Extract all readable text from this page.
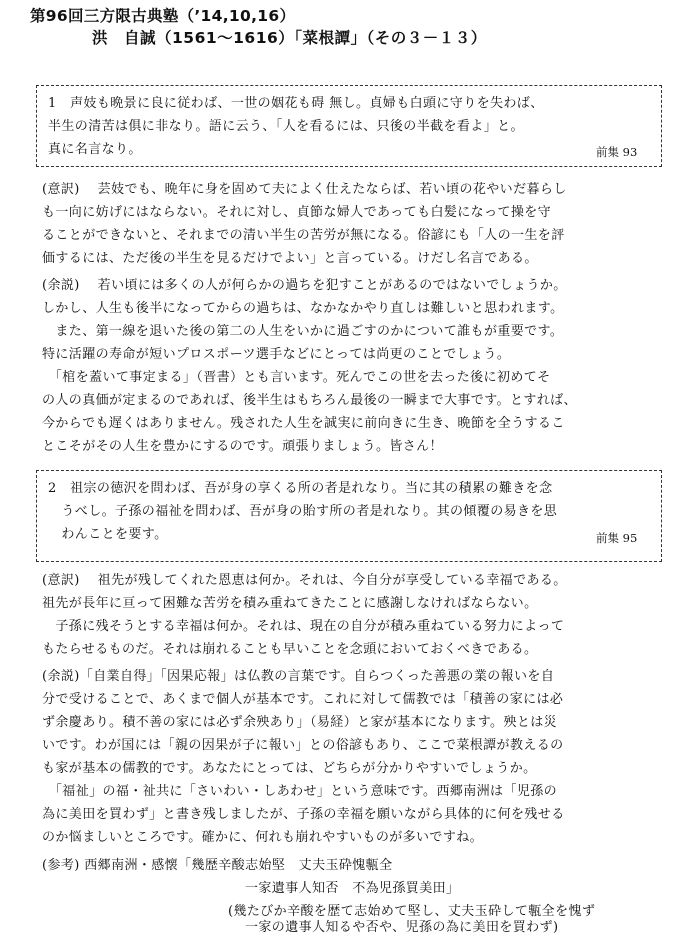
第96回三方限古典塾（’14,10,16）
洪　自誠（1561～1616）「菜根譚」（その３－１３）
1　声妓も晩景に良に従わば、一世の姻花も碍 無し。貞婦も白頭に守りを失わば、
半生の清苦は俱に非なり。語に云う、「人を看るには、只後の半截を看よ」と。
真に名言なり。	前集 93
(意訳)　 芸妓でも、晩年に身を固めて夫によく仕えたならば、若い頃の花やいだ暮らし
も一向に妨げにはならない。それに対し、貞節な婦人であっても白髪になって操を守
ることができないと、それまでの清い半生の苦労が無になる。俗諺にも「人の一生を評
価するには、ただ後の半生を見るだけでよい」と言っている。けだし名言である。
(余説)　 若い頃には多くの人が何らかの過ちを犯すことがあるのではないでしょうか。
しかし、人生も後半になってからの過ちは、なかなかやり直しは難しいと思われます。
　また、第一線を退いた後の第二の人生をいかに過ごすのかについて誰もが重要です。
特に活躍の寿命が短いプロスポーツ選手などにとっては尚更のことでしょう。
　「棺を蓋いて事定まる」（晋書）とも言います。死んでこの世を去った後に初めてそ
の人の真価が定まるのであれば、後半生はもちろん最後の一瞬まで大事です。とすれば、
今からでも遅くはありません。残された人生を誠実に前向きに生き、晩節を全うするこ
とこそがその人生を豊かにするのです。頑張りましょう。皆さん！
2　祖宗の徳沢を問わば、吾が身の享くる所の者是れなり。当に其の積累の難きを念
　うべし。子孫の福祉を問わば、吾が身の貽す所の者是れなり。其の傾覆の易きを思
　わんことを要す。	前集 95
(意訳)　 祖先が残してくれた恩恵は何か。それは、今自分が享受している幸福である。
祖先が長年に亘って困難な苦労を積み重ねてきたことに感謝しなければならない。
　子孫に残そうとする幸福は何か。それは、現在の自分が積み重ねている努力によって
もたらせるものだ。それは崩れることも早いことを念頭においておくべきである。
(余説)「自業自得」「因果応報」は仏教の言葉です。自らつくった善悪の業の報いを自
分で受けることで、あくまで個人が基本です。これに対して儒教では「積善の家には必
ず余慶あり。積不善の家には必ず余殃あり」（易経）と家が基本になります。殃とは災
いです。わが国には「親の因果が子に報い」との俗諺もあり、ここで菜根譚が教えるの
も家が基本の儒教的です。あなたにとっては、どちらが分かりやすいでしょうか。
　「福祉」の福・祉共に「さいわい・しあわせ」という意味です。西郷南洲は「児孫の
為に美田を買わず」と書き残しましたが、子孫の幸福を願いながら具体的に何を残せる
のか悩ましいところです。確かに、何れも崩れやすいものが多いですね。
(参考) 西郷南洲・感懐「幾歴辛酸志始堅　丈夫玉砕愧甎全
一家遺事人知否　不為児孫買美田」
(幾たびか辛酸を歴て志始めて堅し、丈夫玉砕して甎全を愧ず
一家の遺事人知るや否や、児孫の為に美田を買わず)
